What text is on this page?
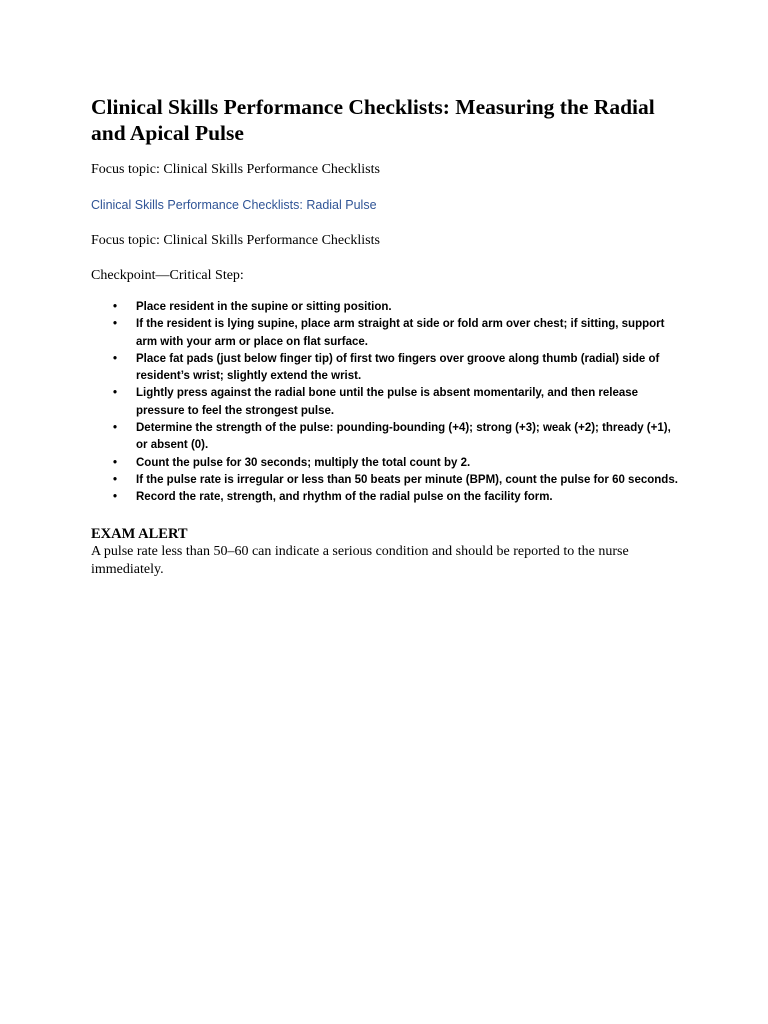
Clinical Skills Performance Checklists: Measuring the Radial and Apical Pulse

Focus topic: Clinical Skills Performance Checklists

Clinical Skills Performance Checklists: Radial Pulse

Focus topic: Clinical Skills Performance Checklists

Checkpoint—Critical Step:

• Place resident in the supine or sitting position.
• If the resident is lying supine, place arm straight at side or fold arm over chest; if sitting, support arm with your arm or place on flat surface.
• Place fat pads (just below finger tip) of first two fingers over groove along thumb (radial) side of resident’s wrist; slightly extend the wrist.
• Lightly press against the radial bone until the pulse is absent momentarily, and then release pressure to feel the strongest pulse.
• Determine the strength of the pulse: pounding-bounding (+4); strong (+3); weak (+2); thready (+1), or absent (0).
• Count the pulse for 30 seconds; multiply the total count by 2.
• If the pulse rate is irregular or less than 50 beats per minute (BPM), count the pulse for 60 seconds.
• Record the rate, strength, and rhythm of the radial pulse on the facility form.

EXAM ALERT

A pulse rate less than 50–60 can indicate a serious condition and should be reported to the nurse immediately.
